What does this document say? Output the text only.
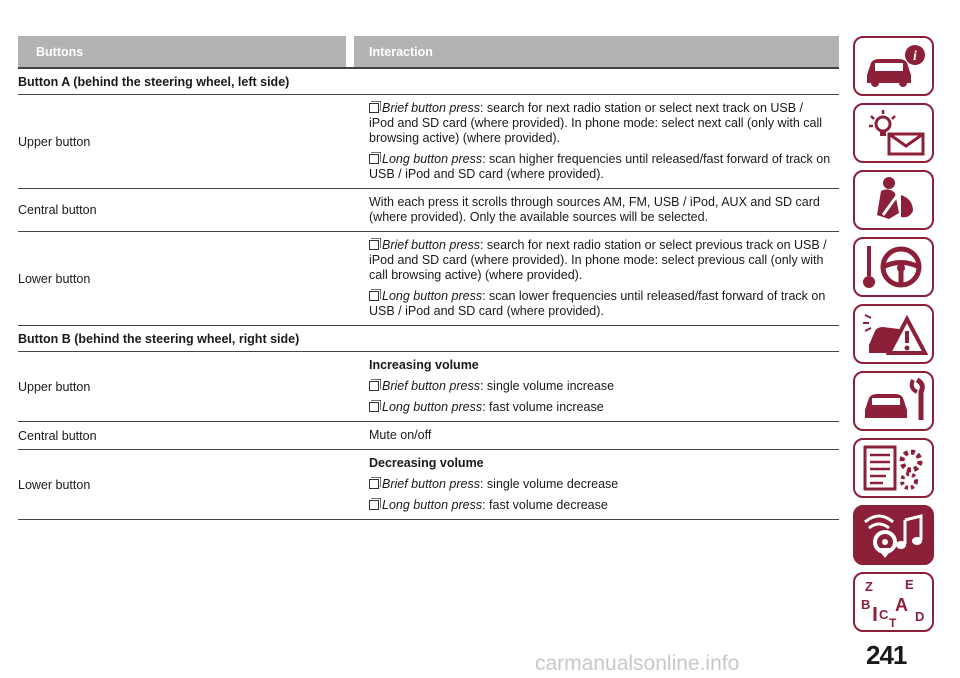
Buttons	Interaction
Button A (behind the steering wheel, left side)
Upper button

Brief button press: search for next radio station or select next track on USB / iPod and SD card (where provided). In phone mode: select next call (only with call browsing active) (where provided).

Long button press: scan higher frequencies until released/fast forward of track on USB / iPod and SD card (where provided).

Central button
With each press it scrolls through sources AM, FM, USB / iPod, AUX and SD card (where provided). Only the available sources will be selected.
Lower button

Brief button press: search for next radio station or select previous track on USB / iPod and SD card (where provided). In phone mode: select previous call (only with call browsing active) (where provided).

Long button press: scan lower frequencies until released/fast forward of track on USB / iPod and SD card (where provided).

Button B (behind the steering wheel, right side)
Upper button

Increasing volume

Brief button press: single volume increase

Long button press: fast volume increase

Central button	Mute on/off
Lower button

Decreasing volume

Brief button press: single volume decrease

Long button press: fast volume decrease

i
Z E
B A
C D
T
241
carmanualsonline.info
